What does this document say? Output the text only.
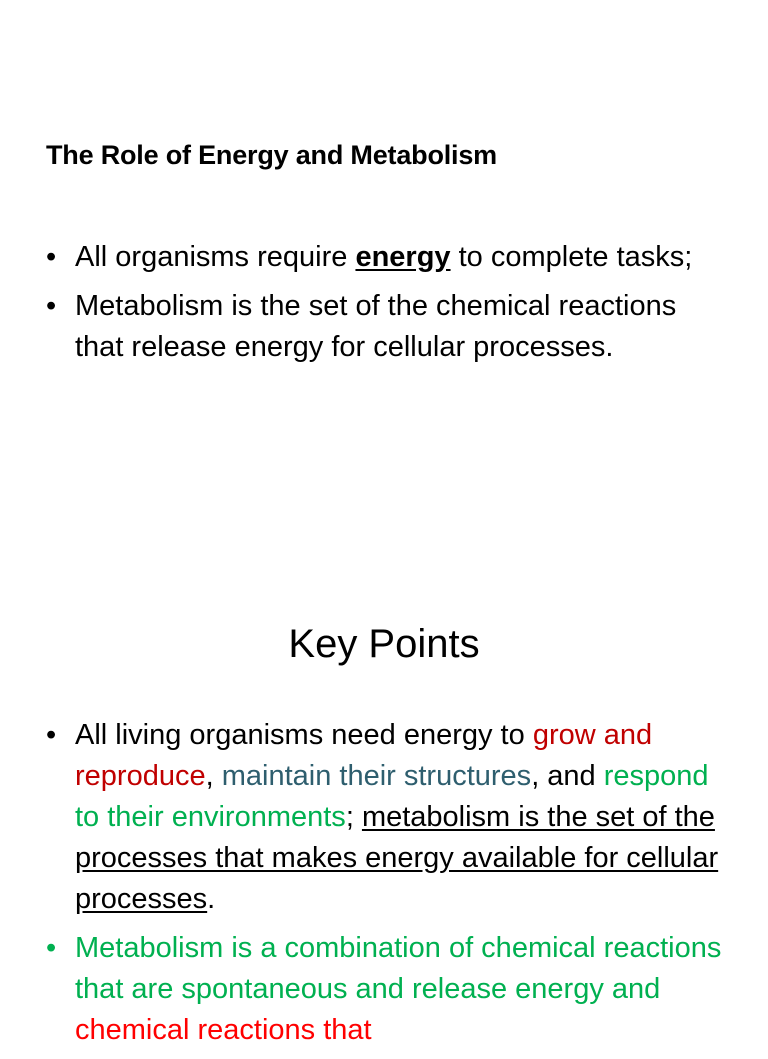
The Role of Energy and Metabolism
• All organisms require energy to complete tasks;
• Metabolism is the set of the chemical reactions that release energy for cellular processes.
Key Points
• All living organisms need energy to grow and reproduce, maintain their structures, and respond to their environments; metabolism is the set of the processes that makes energy available for cellular processes.
• Metabolism is a combination of chemical reactions that are spontaneous and release energy and chemical reactions that
